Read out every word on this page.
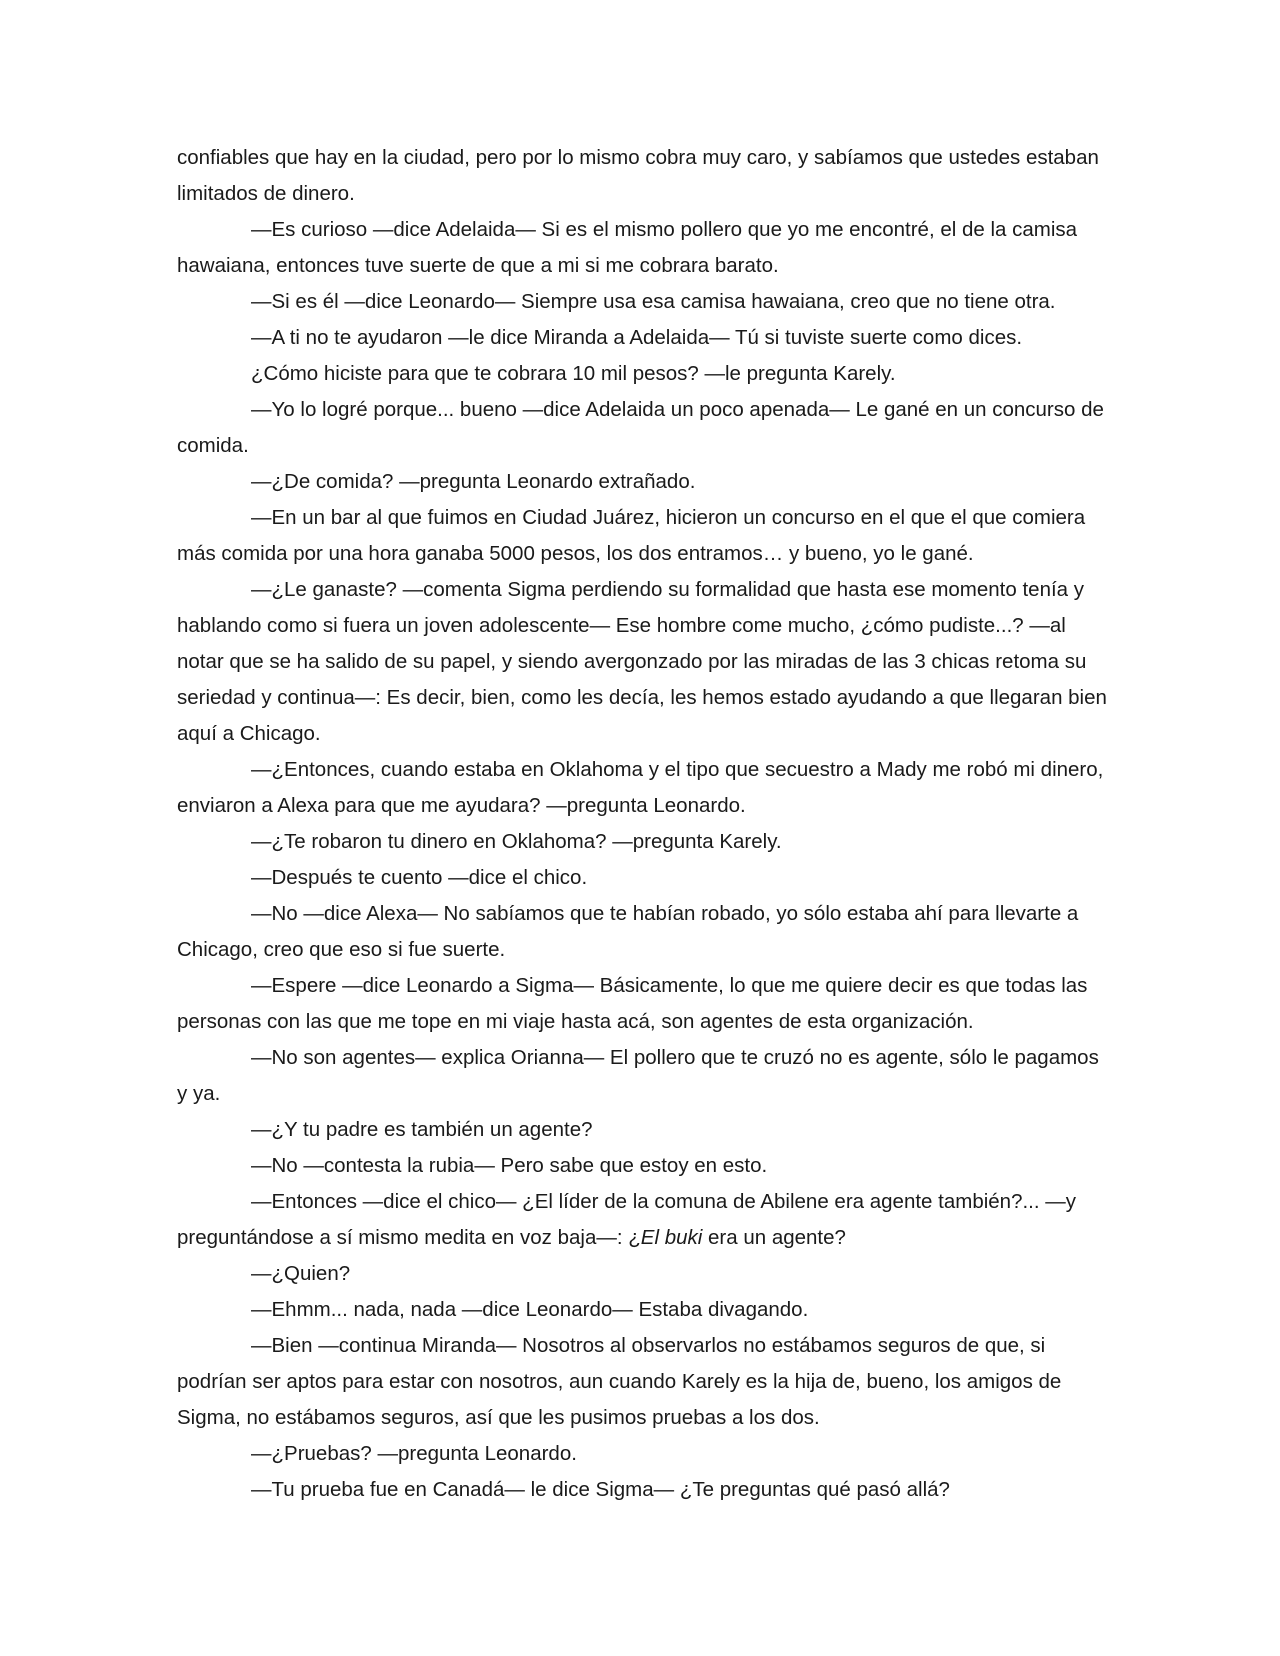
confiables que hay en la ciudad, pero por lo mismo cobra muy caro, y sabíamos que ustedes estaban limitados de dinero.

—Es curioso —dice Adelaida— Si es el mismo pollero que yo me encontré, el de la camisa hawaiana, entonces tuve suerte de que a mi si me cobrara barato.

—Si es él —dice Leonardo— Siempre usa esa camisa hawaiana, creo que no tiene otra.

—A ti no te ayudaron —le dice Miranda a Adelaida— Tú si tuviste suerte como dices.

¿Cómo hiciste para que te cobrara 10 mil pesos? —le pregunta Karely.

—Yo lo logré porque... bueno —dice Adelaida un poco apenada— Le gané en un concurso de comida.

—¿De comida? —pregunta Leonardo extrañado.

—En un bar al que fuimos en Ciudad Juárez, hicieron un concurso en el que el que comiera más comida por una hora ganaba 5000 pesos, los dos entramos… y bueno, yo le gané.

—¿Le ganaste? —comenta Sigma perdiendo su formalidad que hasta ese momento tenía y hablando como si fuera un joven adolescente— Ese hombre come mucho, ¿cómo pudiste...? —al notar que se ha salido de su papel, y siendo avergonzado por las miradas de las 3 chicas retoma su seriedad y continua—: Es decir, bien, como les decía, les hemos estado ayudando a que llegaran bien aquí a Chicago.

—¿Entonces, cuando estaba en Oklahoma y el tipo que secuestro a Mady me robó mi dinero, enviaron a Alexa para que me ayudara? —pregunta Leonardo.

—¿Te robaron tu dinero en Oklahoma? —pregunta Karely.

—Después te cuento —dice el chico.

—No —dice Alexa— No sabíamos que te habían robado, yo sólo estaba ahí para llevarte a Chicago, creo que eso si fue suerte.

—Espere —dice Leonardo a Sigma— Básicamente, lo que me quiere decir es que todas las personas con las que me tope en mi viaje hasta acá, son agentes de esta organización.

—No son agentes— explica Orianna— El pollero que te cruzó no es agente, sólo le pagamos y ya.

—¿Y tu padre es también un agente?

—No —contesta la rubia— Pero sabe que estoy en esto.

—Entonces —dice el chico— ¿El líder de la comuna de Abilene era agente también?... —y preguntándose a sí mismo medita en voz baja—: ¿El buki era un agente?

—¿Quien?

—Ehmm... nada, nada —dice Leonardo— Estaba divagando.

—Bien —continua Miranda— Nosotros al observarlos no estábamos seguros de que, si podrían ser aptos para estar con nosotros, aun cuando Karely es la hija de, bueno, los amigos de Sigma, no estábamos seguros, así que les pusimos pruebas a los dos.

—¿Pruebas? —pregunta Leonardo.

—Tu prueba fue en Canadá— le dice Sigma— ¿Te preguntas qué pasó allá?
